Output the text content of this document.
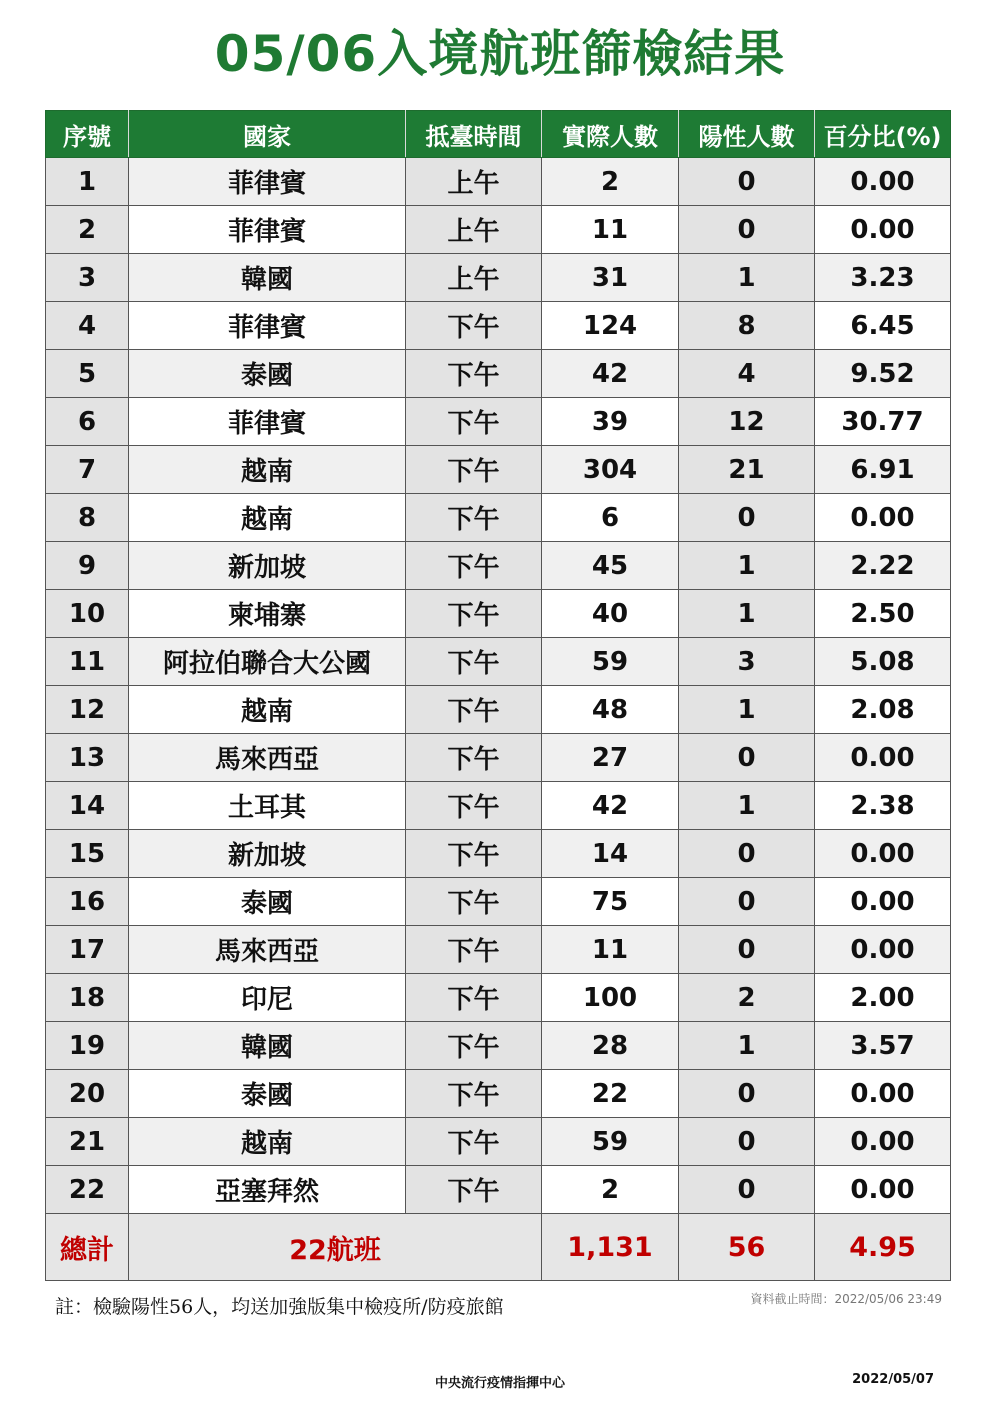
05/06入境航班篩檢結果
序號	國家	抵臺時間	實際人數	陽性人數	百分比(%)
1	菲律賓	上午	2	0	0.00
2	菲律賓	上午	11	0	0.00
3	韓國	上午	31	1	3.23
4	菲律賓	下午	124	8	6.45
5	泰國	下午	42	4	9.52
6	菲律賓	下午	39	12	30.77
7	越南	下午	304	21	6.91
8	越南	下午	6	0	0.00
9	新加坡	下午	45	1	2.22
10	柬埔寨	下午	40	1	2.50
11	阿拉伯聯合大公國	下午	59	3	5.08
12	越南	下午	48	1	2.08
13	馬來西亞	下午	27	0	0.00
14	土耳其	下午	42	1	2.38
15	新加坡	下午	14	0	0.00
16	泰國	下午	75	0	0.00
17	馬來西亞	下午	11	0	0.00
18	印尼	下午	100	2	2.00
19	韓國	下午	28	1	3.57
20	泰國	下午	22	0	0.00
21	越南	下午	59	0	0.00
22	亞塞拜然	下午	2	0	0.00
總計	22航班		1,131	56	4.95
註：檢驗陽性56人，均送加強版集中檢疫所/防疫旅館	資料截止時間：2022/05/06 23:49
中央流行疫情指揮中心	2022/05/07
